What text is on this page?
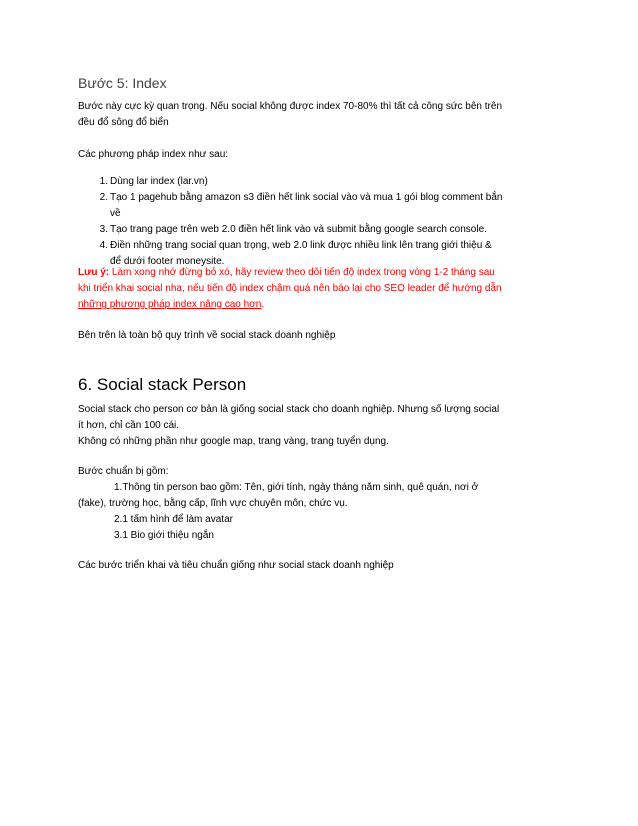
Bước 5: Index
Bước này cực kỳ quan trọng. Nếu social không được index 70-80% thì tất cả công sức bên trên
đều đổ sông đổ biển
Các phương pháp index như sau:
1. Dùng lar index (lar.vn)
2. Tạo 1 pagehub bằng amazon s3 điền hết link social vào và mua 1 gói blog comment bắn
về
3. Tạo trang page trên web 2.0 điền hết link vào và submit bằng google search console.
4. Điền những trang social quan trọng, web 2.0 link được nhiều link lên trang giới thiệu &
để dưới footer moneysite.
Lưu ý: Làm xong nhớ đừng bỏ xó, hãy review theo dõi tiến độ index trong vòng 1-2 tháng sau
khi triển khai social nha, nếu tiến độ index chậm quá nên báo lại cho SEO leader để hướng dẫn
những phương pháp index nâng cao hơn.
Bên trên là toàn bộ quy trình về social stack doanh nghiệp
6. Social stack Person
Social stack cho person cơ bản là giống social stack cho doanh nghiệp. Nhưng số lượng social
ít hơn, chỉ cần 100 cái.
Không có những phần như google map, trang vàng, trang tuyển dụng.
Bước chuẩn bị gồm:
1.Thông tin person bao gồm: Tên, giới tính, ngày tháng năm sinh, quê quán, nơi ở
(fake), trường học, bằng cấp, lĩnh vực chuyên môn, chức vụ.
2.1 tấm hình để làm avatar
3.1 Bio giới thiệu ngắn
Các bước triển khai và tiêu chuẩn giống như social stack doanh nghiệp
